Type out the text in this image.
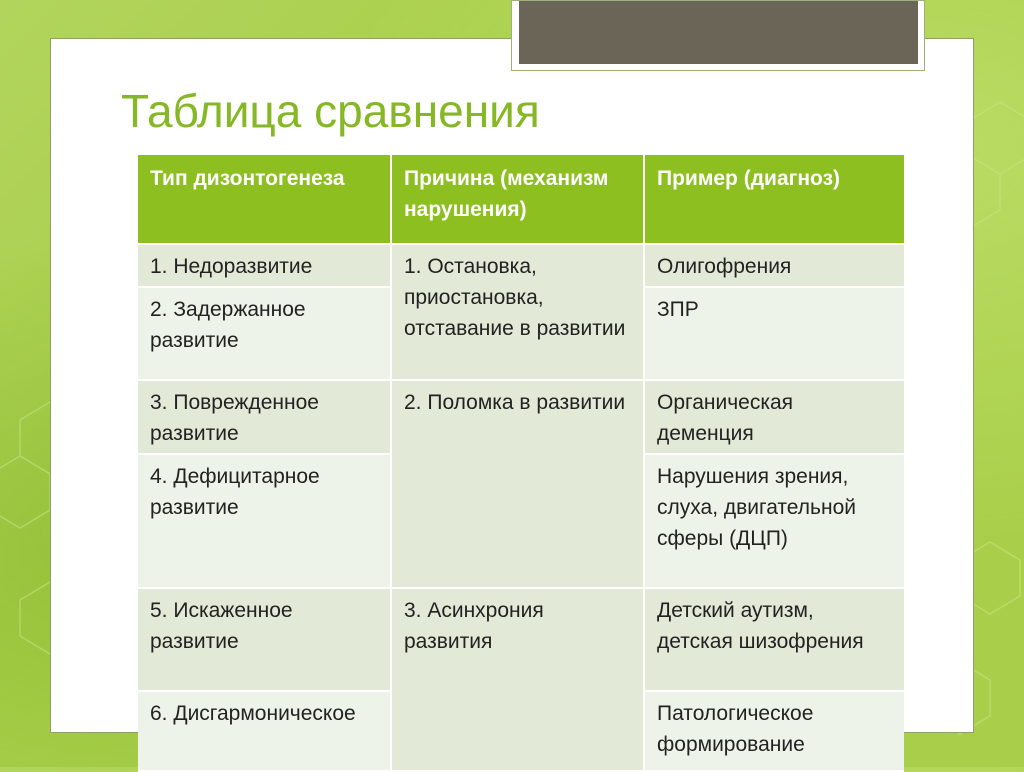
Таблица сравнения
Тип дизонтогенеза	Причина (механизм нарушения)	Пример (диагноз)
1. Недоразвитие	1. Остановка, приостановка, отставание в развитии	Олигофрения
2. Задержанное развитие		ЗПР
3. Поврежденное развитие	2. Поломка в развитии	Органическая деменция
4. Дефицитарное развитие		Нарушения зрения, слуха, двигательной сферы (ДЦП)
5. Искаженное развитие	3. Асинхрония развития	Детский аутизм, детская шизофрения
6. Дисгармоническое		Патологическое формирование
